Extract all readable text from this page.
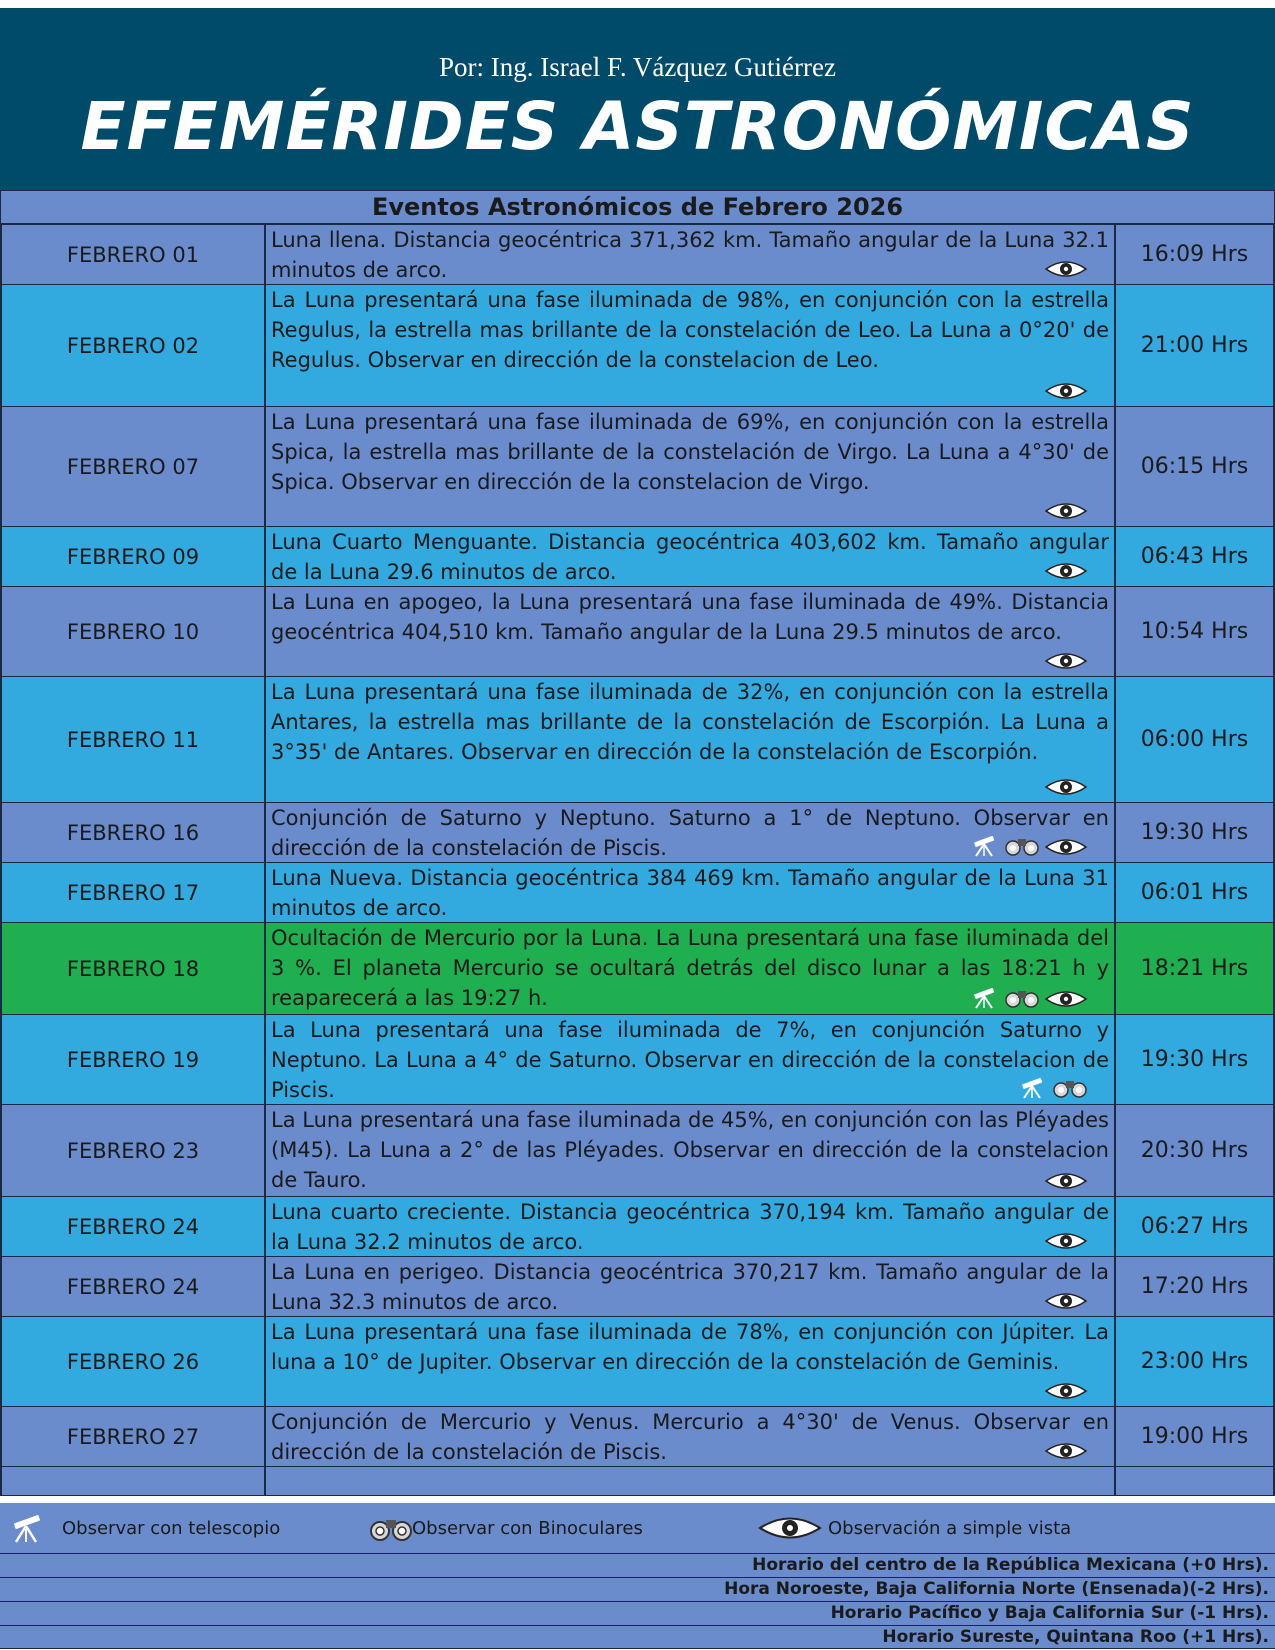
Por: Ing. Israel F. Vázquez Gutiérrez
EFEMÉRIDES ASTRONÓMICAS
Eventos Astronómicos de Febrero 2026
FEBRERO 01
Luna llena. Distancia geocéntrica 371,362 km. Tamaño angular de la Luna 32.1 minutos de arco.
16:09 Hrs
FEBRERO 02
La Luna presentará una fase iluminada de 98%, en conjunción con la estrella Regulus, la estrella mas brillante de la constelación de Leo. La Luna a 0°20' de Regulus. Observar en dirección de la constelacion de Leo.
21:00 Hrs
FEBRERO 07
La Luna presentará una fase iluminada de 69%, en conjunción con la estrella Spica, la estrella mas brillante de la constelación de Virgo. La Luna a 4°30' de Spica. Observar en dirección de la constelacion de Virgo.
06:15 Hrs
FEBRERO 09
Luna Cuarto Menguante. Distancia geocéntrica 403,602 km. Tamaño angular de la Luna 29.6 minutos de arco.
06:43 Hrs
FEBRERO 10
La Luna en apogeo, la Luna presentará una fase iluminada de 49%. Distancia geocéntrica 404,510 km. Tamaño angular de la Luna 29.5 minutos de arco.	10:54 Hrs
FEBRERO 11
La Luna presentará una fase iluminada de 32%, en conjunción con la estrella Antares, la estrella mas brillante de la constelación de Escorpión. La Luna a 3°35' de Antares. Observar en dirección de la constelación de Escorpión.	06:00 Hrs
FEBRERO 16
Conjunción de Saturno y Neptuno. Saturno a 1° de Neptuno. Observar en dirección de la constelación de Piscis.
19:30 Hrs
FEBRERO 17
Luna Nueva. Distancia geocéntrica 384 469 km. Tamaño angular de la Luna 31 minutos de arco.
06:01 Hrs
FEBRERO 18
Ocultación de Mercurio por la Luna. La Luna presentará una fase iluminada del 3 %. El planeta Mercurio se ocultará detrás del disco lunar a las 18:21 h y reaparecerá a las 19:27 h.
18:21 Hrs
FEBRERO 19
La Luna presentará una fase iluminada de 7%, en conjunción Saturno y Neptuno. La Luna a 4° de Saturno. Observar en dirección de la constelacion de Piscis.
19:30 Hrs
FEBRERO 23
La Luna presentará una fase iluminada de 45%, en conjunción con las Pléyades (M45). La Luna a 2° de las Pléyades. Observar en dirección de la constelacion de Tauro.
20:30 Hrs
FEBRERO 24
Luna cuarto creciente. Distancia geocéntrica 370,194 km. Tamaño angular de la Luna 32.2 minutos de arco.
06:27 Hrs
FEBRERO 24
La Luna en perigeo. Distancia geocéntrica 370,217 km. Tamaño angular de la Luna 32.3 minutos de arco.
17:20 Hrs
FEBRERO 26
La Luna presentará una fase iluminada de 78%, en conjunción con Júpiter. La luna a 10° de Jupiter. Observar en dirección de la constelación de Geminis.	23:00 Hrs
FEBRERO 27
Conjunción de Mercurio y Venus. Mercurio a 4°30' de Venus. Observar en dirección de la constelación de Piscis.
19:00 Hrs
Observar con telescopio	Observar con Binoculares	Observación a simple vista
Horario del centro de la República Mexicana (+0 Hrs).
Hora Noroeste, Baja California Norte (Ensenada)(-2 Hrs).
Horario Pacífico y Baja California Sur (-1 Hrs).
Horario Sureste, Quintana Roo (+1 Hrs).
